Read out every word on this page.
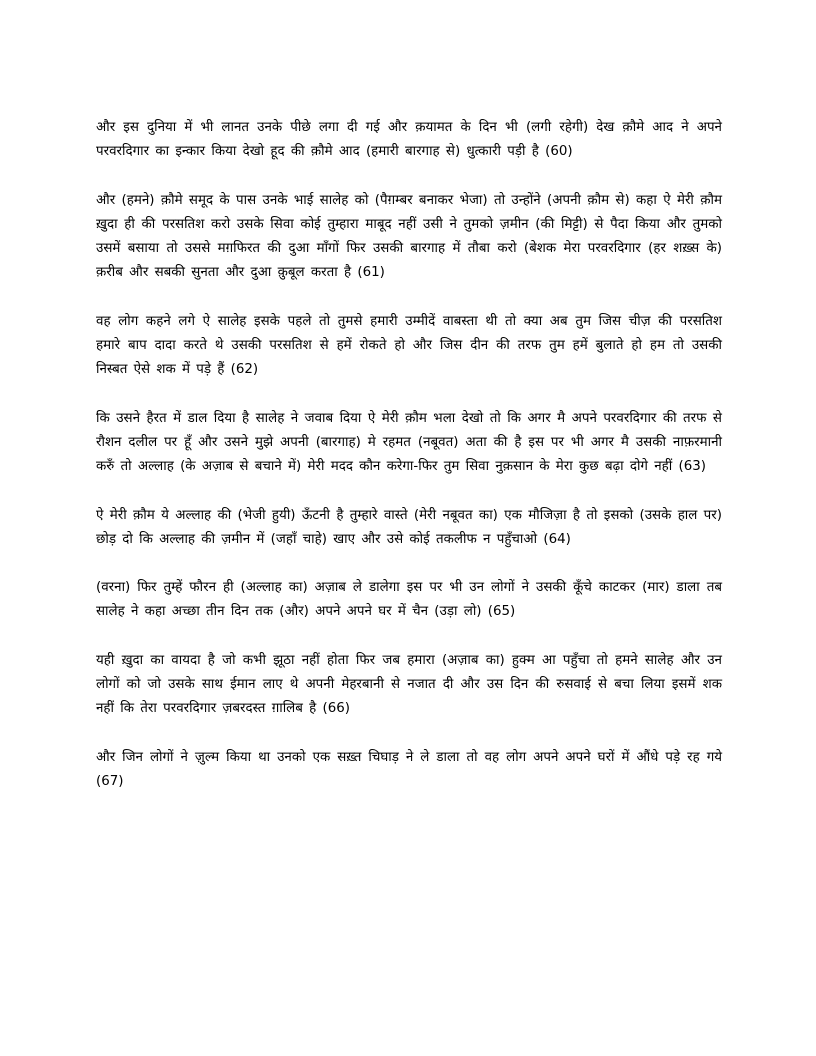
और इस दुनिया में भी लानत उनके पीछे लगा दी गई और क़यामत के दिन भी (लगी रहेगी) देख क़ौमे आद ने अपने परवरदिगार का इन्कार किया देखो हूद की क़ौमे आद (हमारी बारगाह से) धुत्कारी पड़ी है (60)

और (हमने) क़ौमे समूद के पास उनके भाई सालेह को (पैग़म्बर बनाकर भेजा) तो उन्होंने (अपनी क़ौम से) कहा ऐ मेरी क़ौम ख़ुदा ही की परसतिश करो उसके सिवा कोई तुम्हारा माबूद नहीं उसी ने तुमको ज़मीन (की मिट्टी) से पैदा किया और तुमको उसमें बसाया तो उससे मग़फिरत की दुआ माँगों फिर उसकी बारगाह में तौबा करो (बेशक मेरा परवरदिगार (हर शख़्स के) क़रीब और सबकी सुनता और दुआ क़ुबूल करता है (61)

वह लोग कहने लगे ऐ सालेह इसके पहले तो तुमसे हमारी उम्मीदें वाबस्ता थी तो क्या अब तुम जिस चीज़ की परसतिश हमारे बाप दादा करते थे उसकी परसतिश से हमें रोकते हो और जिस दीन की तरफ तुम हमें बुलाते हो हम तो उसकी निस्बत ऐसे शक में पड़े हैं (62)

कि उसने हैरत में डाल दिया है सालेह ने जवाब दिया ऐ मेरी क़ौम भला देखो तो कि अगर मै अपने परवरदिगार की तरफ से रौशन दलील पर हूँ और उसने मुझे अपनी (बारगाह) मे रहमत (नबूवत) अता की है इस पर भी अगर मै उसकी नाफ़रमानी करुँ तो अल्लाह (के अज़ाब से बचाने में) मेरी मदद कौन करेगा-फिर तुम सिवा नुक़सान के मेरा कुछ बढ़ा दोगे नहीं (63)

ऐ मेरी क़ौम ये अल्लाह की (भेजी हुयी) ऊँटनी है तुम्हारे वास्ते (मेरी नबूवत का) एक मौजिज़ा है तो इसको (उसके हाल पर) छोड़ दो कि अल्लाह की ज़मीन में (जहाँ चाहे) खाए और उसे कोई तकलीफ न पहुँचाओ (64)

(वरना) फिर तुम्हें फौरन ही (अल्लाह का) अज़ाब ले डालेगा इस पर भी उन लोगों ने उसकी कूँचे काटकर (मार) डाला तब सालेह ने कहा अच्छा तीन दिन तक (और) अपने अपने घर में चैन (उड़ा लो) (65)

यही ख़ुदा का वायदा है जो कभी झूठा नहीं होता फिर जब हमारा (अज़ाब का) हुक्म आ पहुँचा तो हमने सालेह और उन लोगों को जो उसके साथ ईमान लाए थे अपनी मेहरबानी से नजात दी और उस दिन की रुसवाई से बचा लिया इसमें शक नहीं कि तेरा परवरदिगार ज़बरदस्त ग़ालिब है (66)

और जिन लोगों ने ज़ुल्म किया था उनको एक सख़्त चिघाड़ ने ले डाला तो वह लोग अपने अपने घरों में औंधे पड़े रह गये (67)
